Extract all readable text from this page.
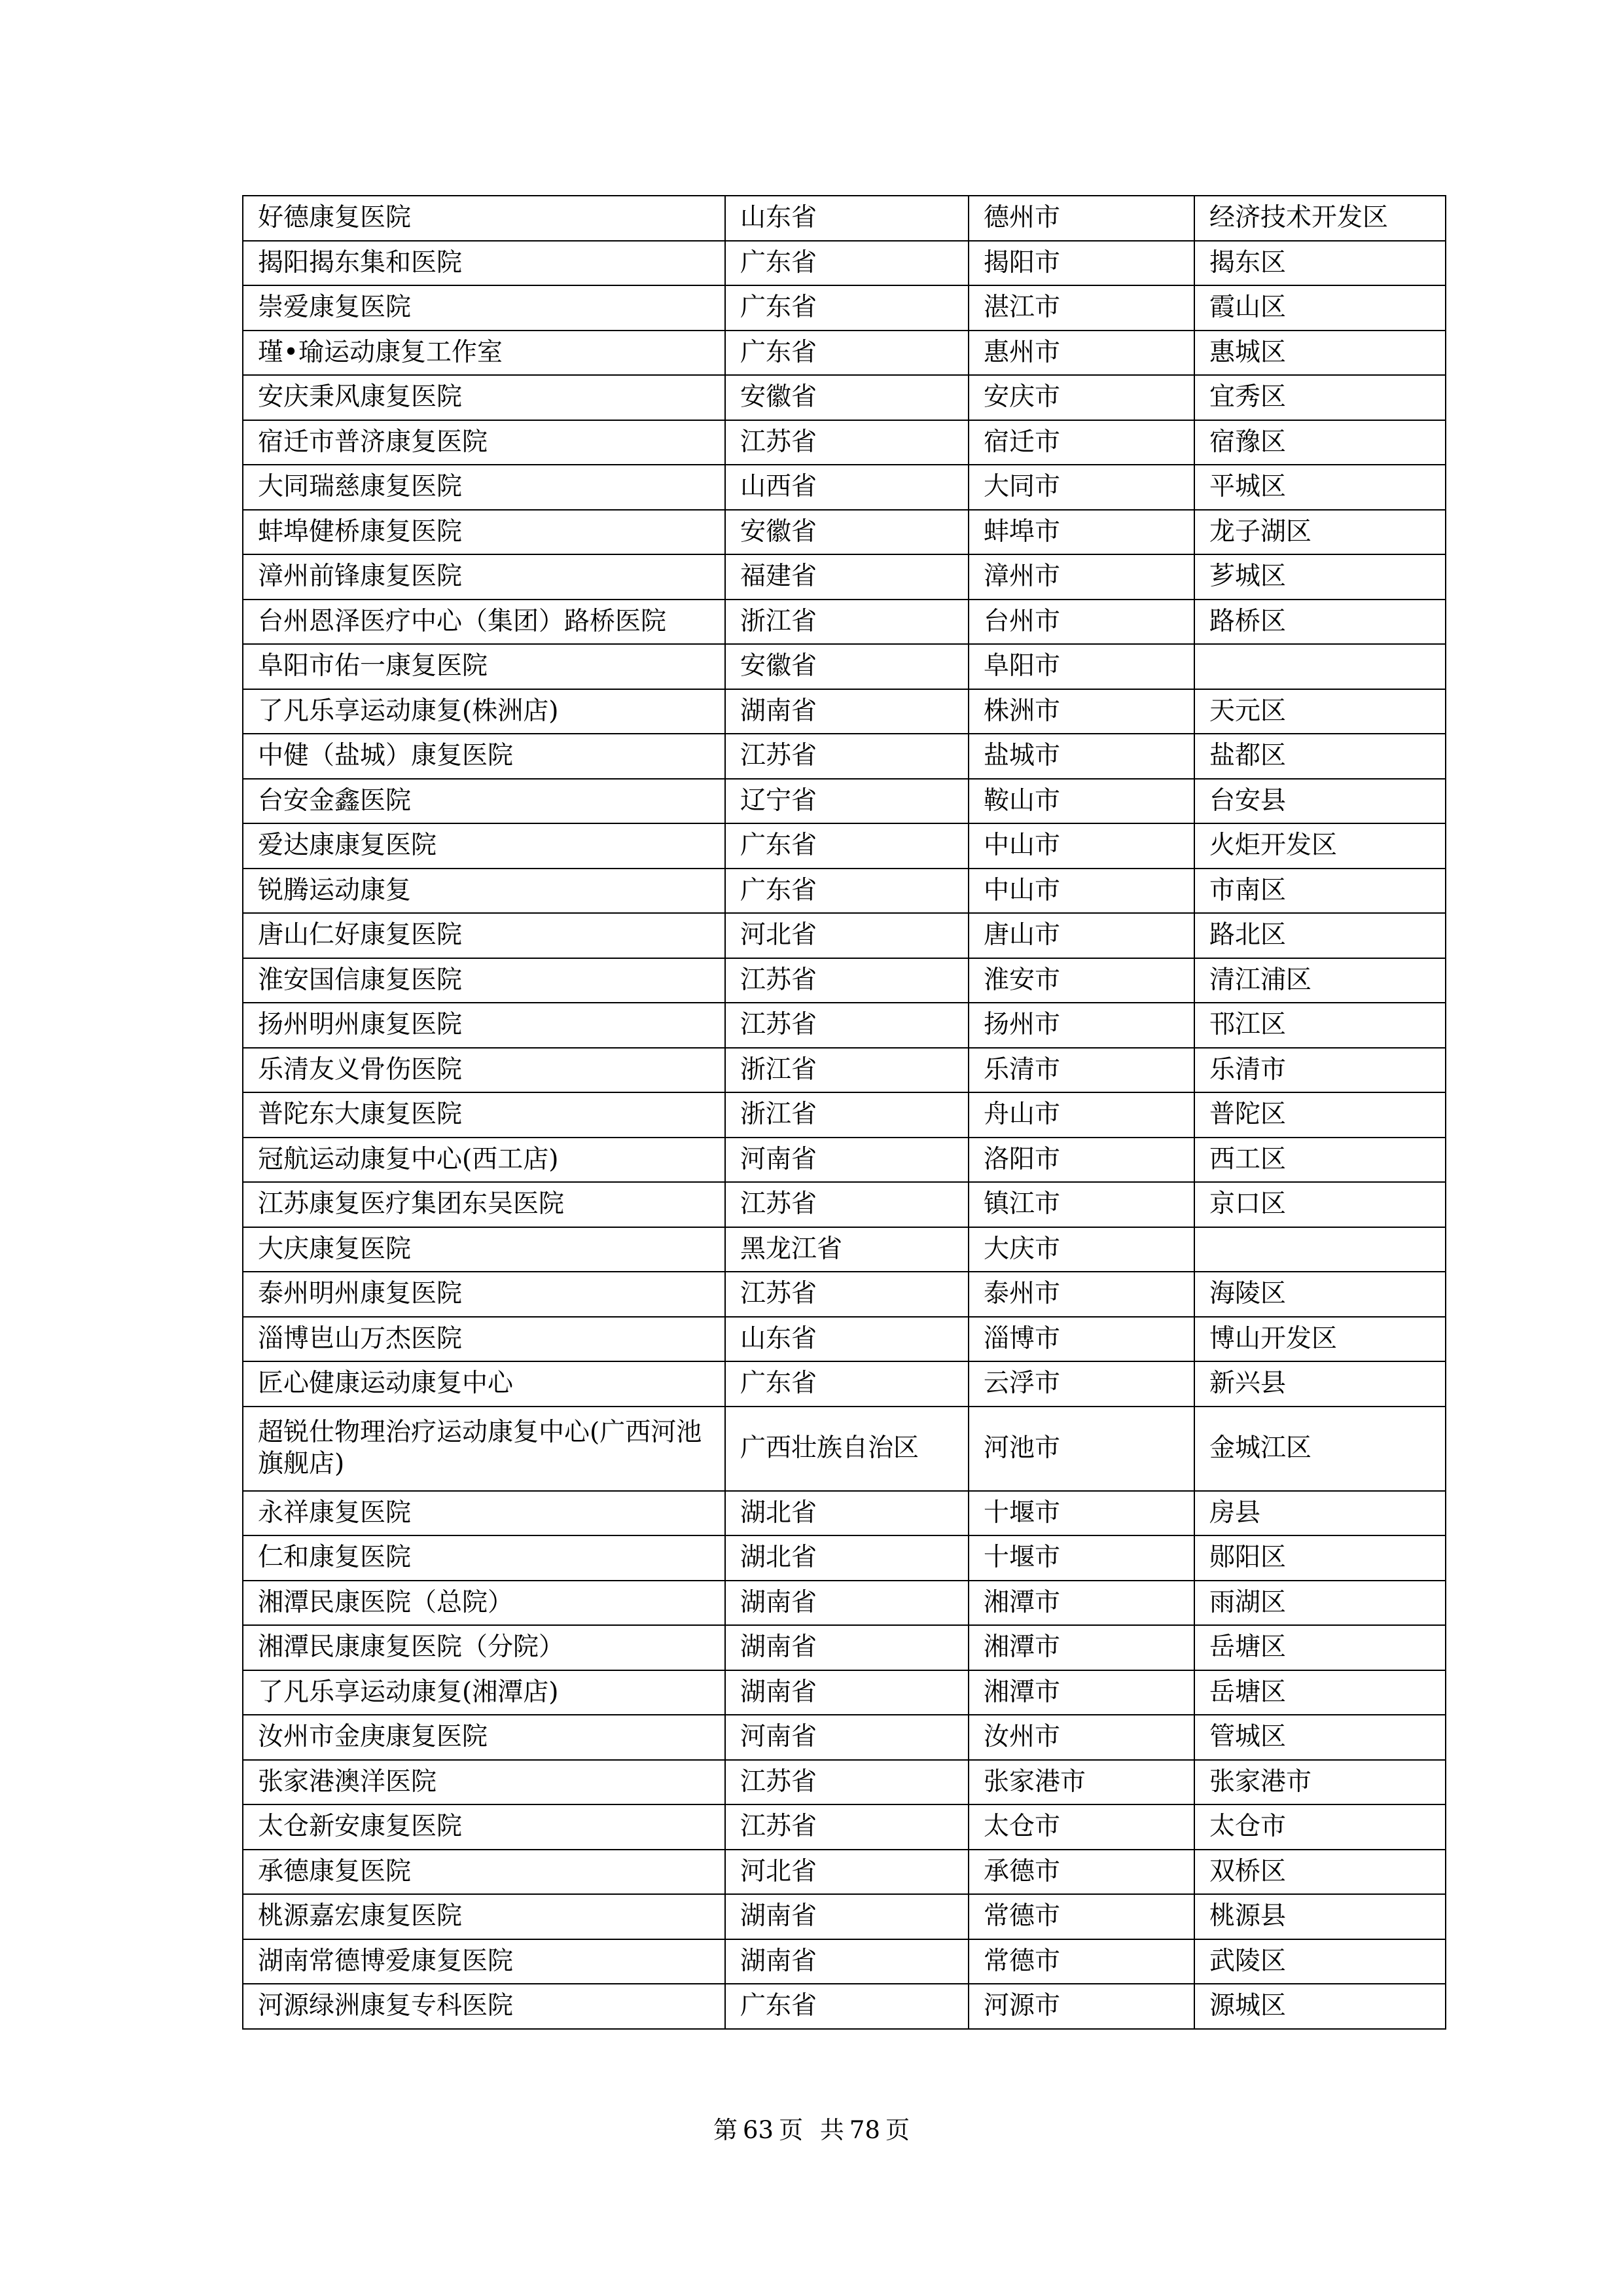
好德康复医院	山东省	德州市	经济技术开发区
揭阳揭东集和医院	广东省	揭阳市	揭东区
崇爱康复医院	广东省	湛江市	霞山区
瑾•瑜运动康复工作室	广东省	惠州市	惠城区
安庆秉风康复医院	安徽省	安庆市	宜秀区
宿迁市普济康复医院	江苏省	宿迁市	宿豫区
大同瑞慈康复医院	山西省	大同市	平城区
蚌埠健桥康复医院	安徽省	蚌埠市	龙子湖区
漳州前锋康复医院	福建省	漳州市	芗城区
台州恩泽医疗中心（集团）路桥医院	浙江省	台州市	路桥区
阜阳市佑一康复医院	安徽省	阜阳市	
了凡乐享运动康复(株洲店)	湖南省	株洲市	天元区
中健（盐城）康复医院	江苏省	盐城市	盐都区
台安金鑫医院	辽宁省	鞍山市	台安县
爱达康康复医院	广东省	中山市	火炬开发区
锐腾运动康复	广东省	中山市	市南区
唐山仁好康复医院	河北省	唐山市	路北区
淮安国信康复医院	江苏省	淮安市	清江浦区
扬州明州康复医院	江苏省	扬州市	邗江区
乐清友义骨伤医院	浙江省	乐清市	乐清市
普陀东大康复医院	浙江省	舟山市	普陀区
冠航运动康复中心(西工店)	河南省	洛阳市	西工区
江苏康复医疗集团东吴医院	江苏省	镇江市	京口区
大庆康复医院	黑龙江省	大庆市	
泰州明州康复医院	江苏省	泰州市	海陵区
淄博岜山万杰医院	山东省	淄博市	博山开发区
匠心健康运动康复中心	广东省	云浮市	新兴县
超锐仕物理治疗运动康复中心(广西河池旗舰店)	广西壮族自治区	河池市	金城江区
永祥康复医院	湖北省	十堰市	房县
仁和康复医院	湖北省	十堰市	郧阳区
湘潭民康医院（总院）	湖南省	湘潭市	雨湖区
湘潭民康康复医院（分院）	湖南省	湘潭市	岳塘区
了凡乐享运动康复(湘潭店)	湖南省	湘潭市	岳塘区
汝州市金庚康复医院	河南省	汝州市	管城区
张家港澳洋医院	江苏省	张家港市	张家港市
太仓新安康复医院	江苏省	太仓市	太仓市
承德康复医院	河北省	承德市	双桥区
桃源嘉宏康复医院	湖南省	常德市	桃源县
湖南常德博爱康复医院	湖南省	常德市	武陵区
河源绿洲康复专科医院	广东省	河源市	源城区
第 63 页 共 78 页
